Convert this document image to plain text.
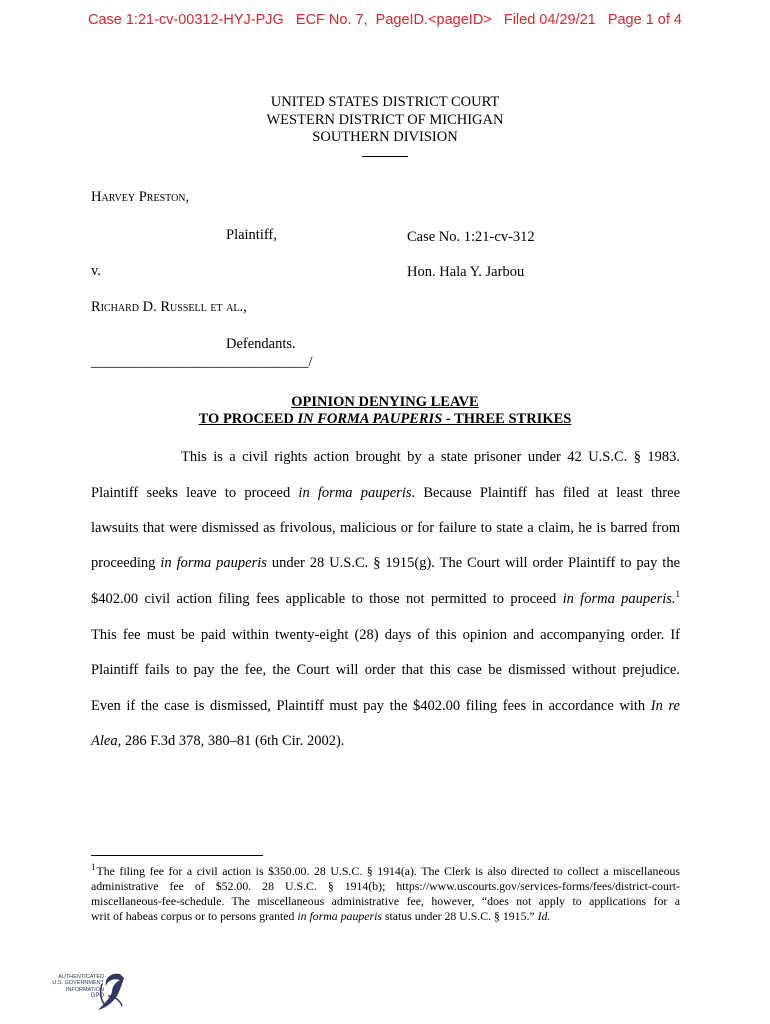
Case 1:21-cv-00312-HYJ-PJG   ECF No. 7,  PageID.<pageID>   Filed 04/29/21   Page 1 of 4
UNITED STATES DISTRICT COURT
WESTERN DISTRICT OF MICHIGAN
SOUTHERN DIVISION
Harvey Preston,
Plaintiff,	Case No. 1:21-cv-312
v.	Hon. Hala Y. Jarbou
Richard D. Russell et al.,
Defendants.
______________________________/
OPINION DENYING LEAVE
TO PROCEED IN FORMA PAUPERIS - THREE STRIKES
This is a civil rights action brought by a state prisoner under 42 U.S.C. § 1983.
Plaintiff seeks leave to proceed in forma pauperis. Because Plaintiff has filed at least three
lawsuits that were dismissed as frivolous, malicious or for failure to state a claim, he is barred from
proceeding in forma pauperis under 28 U.S.C. § 1915(g). The Court will order Plaintiff to pay the
$402.00 civil action filing fees applicable to those not permitted to proceed in forma pauperis.$^1$
This fee must be paid within twenty-eight (28) days of this opinion and accompanying order. If
Plaintiff fails to pay the fee, the Court will order that this case be dismissed without prejudice.
Even if the case is dismissed, Plaintiff must pay the $402.00 filing fees in accordance with In re
Alea, 286 F.3d 378, 380–81 (6th Cir. 2002).
$^1$ The filing fee for a civil action is $350.00. 28 U.S.C. § 1914(a). The Clerk is also directed to collect a miscellaneous
administrative fee of $52.00. 28 U.S.C. § 1914(b); https://www.uscourts.gov/services-forms/fees/district-court-
miscellaneous-fee-schedule. The miscellaneous administrative fee, however, “does not apply to applications for a
writ of habeas corpus or to persons granted in forma pauperis status under 28 U.S.C. § 1915.” Id.
AUTHENTICATED
U.S. GOVERNMENT
INFORMATION
GPO
